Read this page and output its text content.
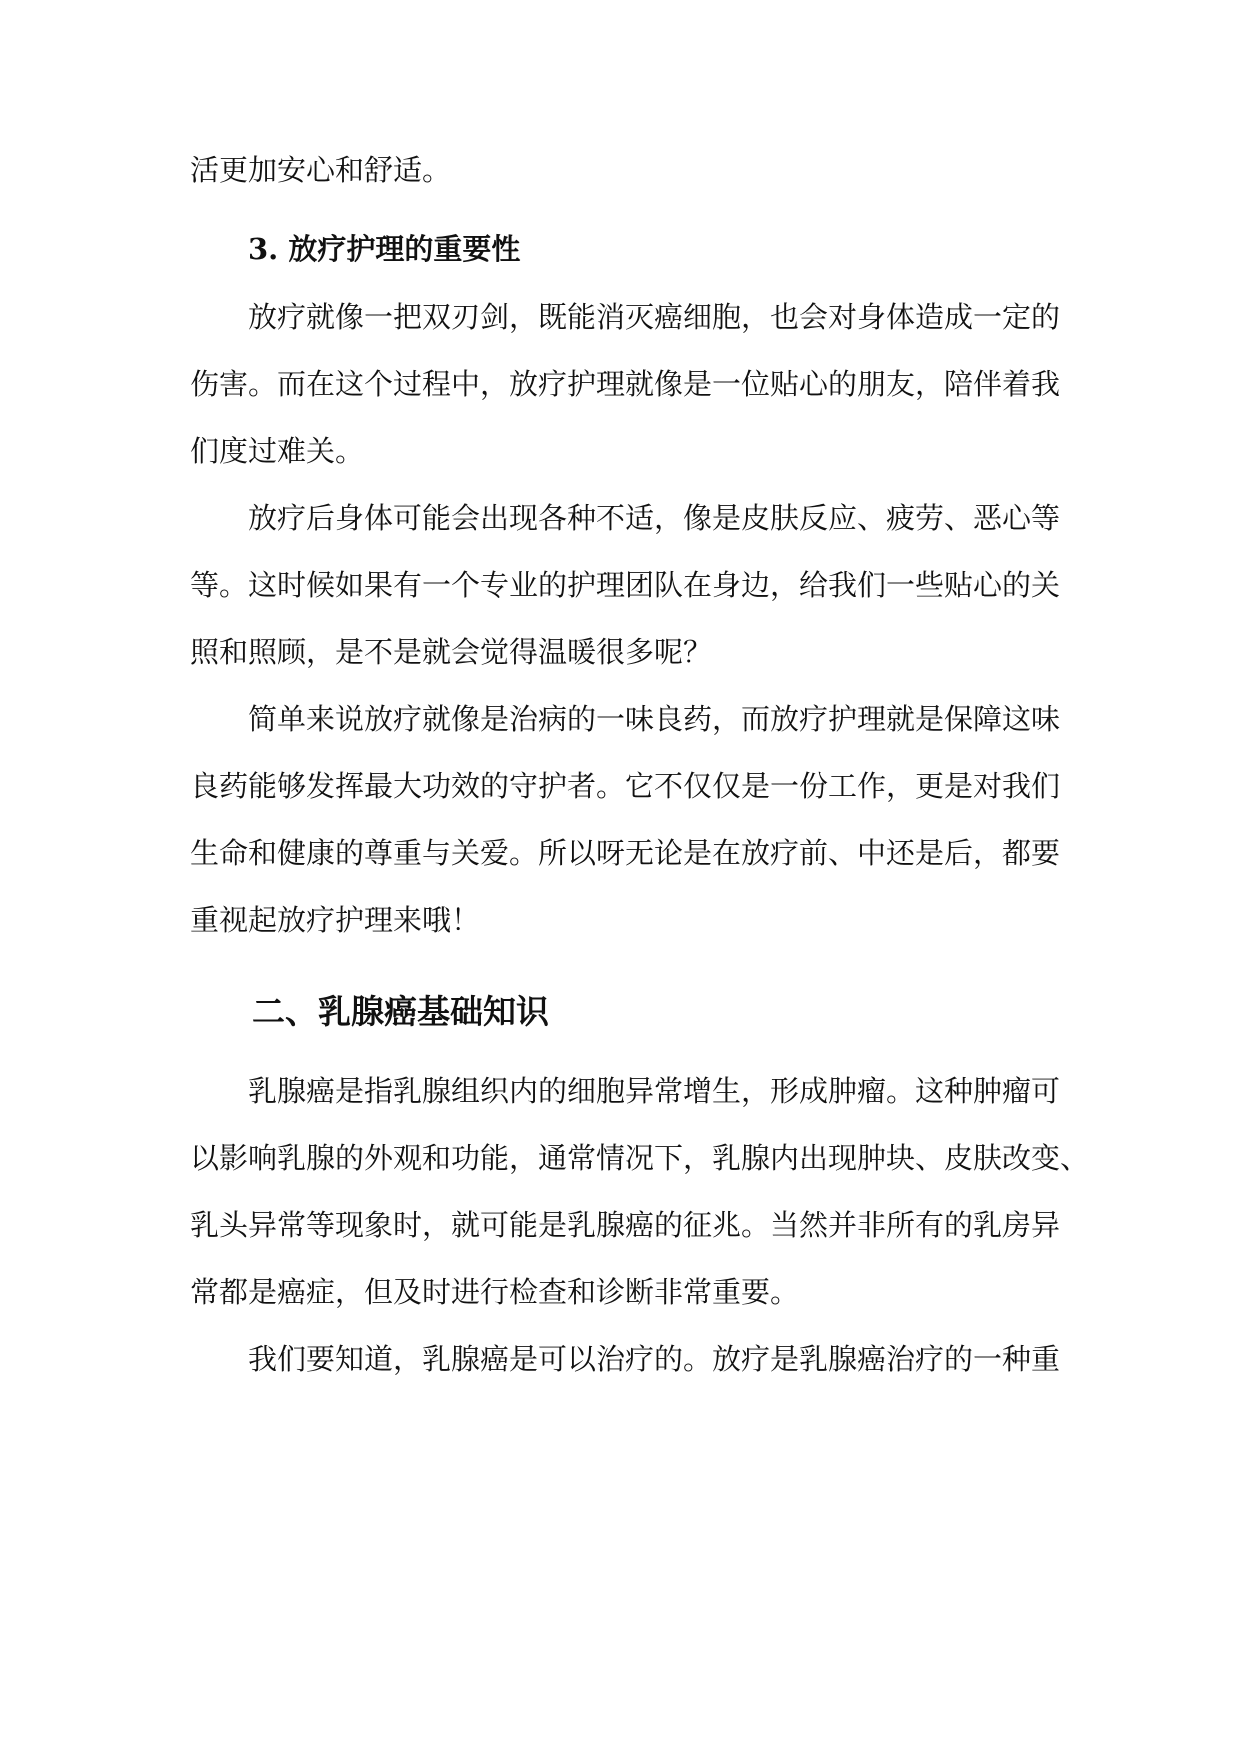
活更加安心和舒适。
3. 放疗护理的重要性
放疗就像一把双刃剑，既能消灭癌细胞，也会对身体造成一定的
伤害。而在这个过程中，放疗护理就像是一位贴心的朋友，陪伴着我
们度过难关。
放疗后身体可能会出现各种不适，像是皮肤反应、疲劳、恶心等
等。这时候如果有一个专业的护理团队在身边，给我们一些贴心的关
照和照顾，是不是就会觉得温暖很多呢？
简单来说放疗就像是治病的一味良药，而放疗护理就是保障这味
良药能够发挥最大功效的守护者。它不仅仅是一份工作，更是对我们
生命和健康的尊重与关爱。所以呀无论是在放疗前、中还是后，都要
重视起放疗护理来哦！
二、乳腺癌基础知识
乳腺癌是指乳腺组织内的细胞异常增生，形成肿瘤。这种肿瘤可
以影响乳腺的外观和功能，通常情况下，乳腺内出现肿块、皮肤改变、
乳头异常等现象时，就可能是乳腺癌的征兆。当然并非所有的乳房异
常都是癌症，但及时进行检查和诊断非常重要。
我们要知道，乳腺癌是可以治疗的。放疗是乳腺癌治疗的一种重
